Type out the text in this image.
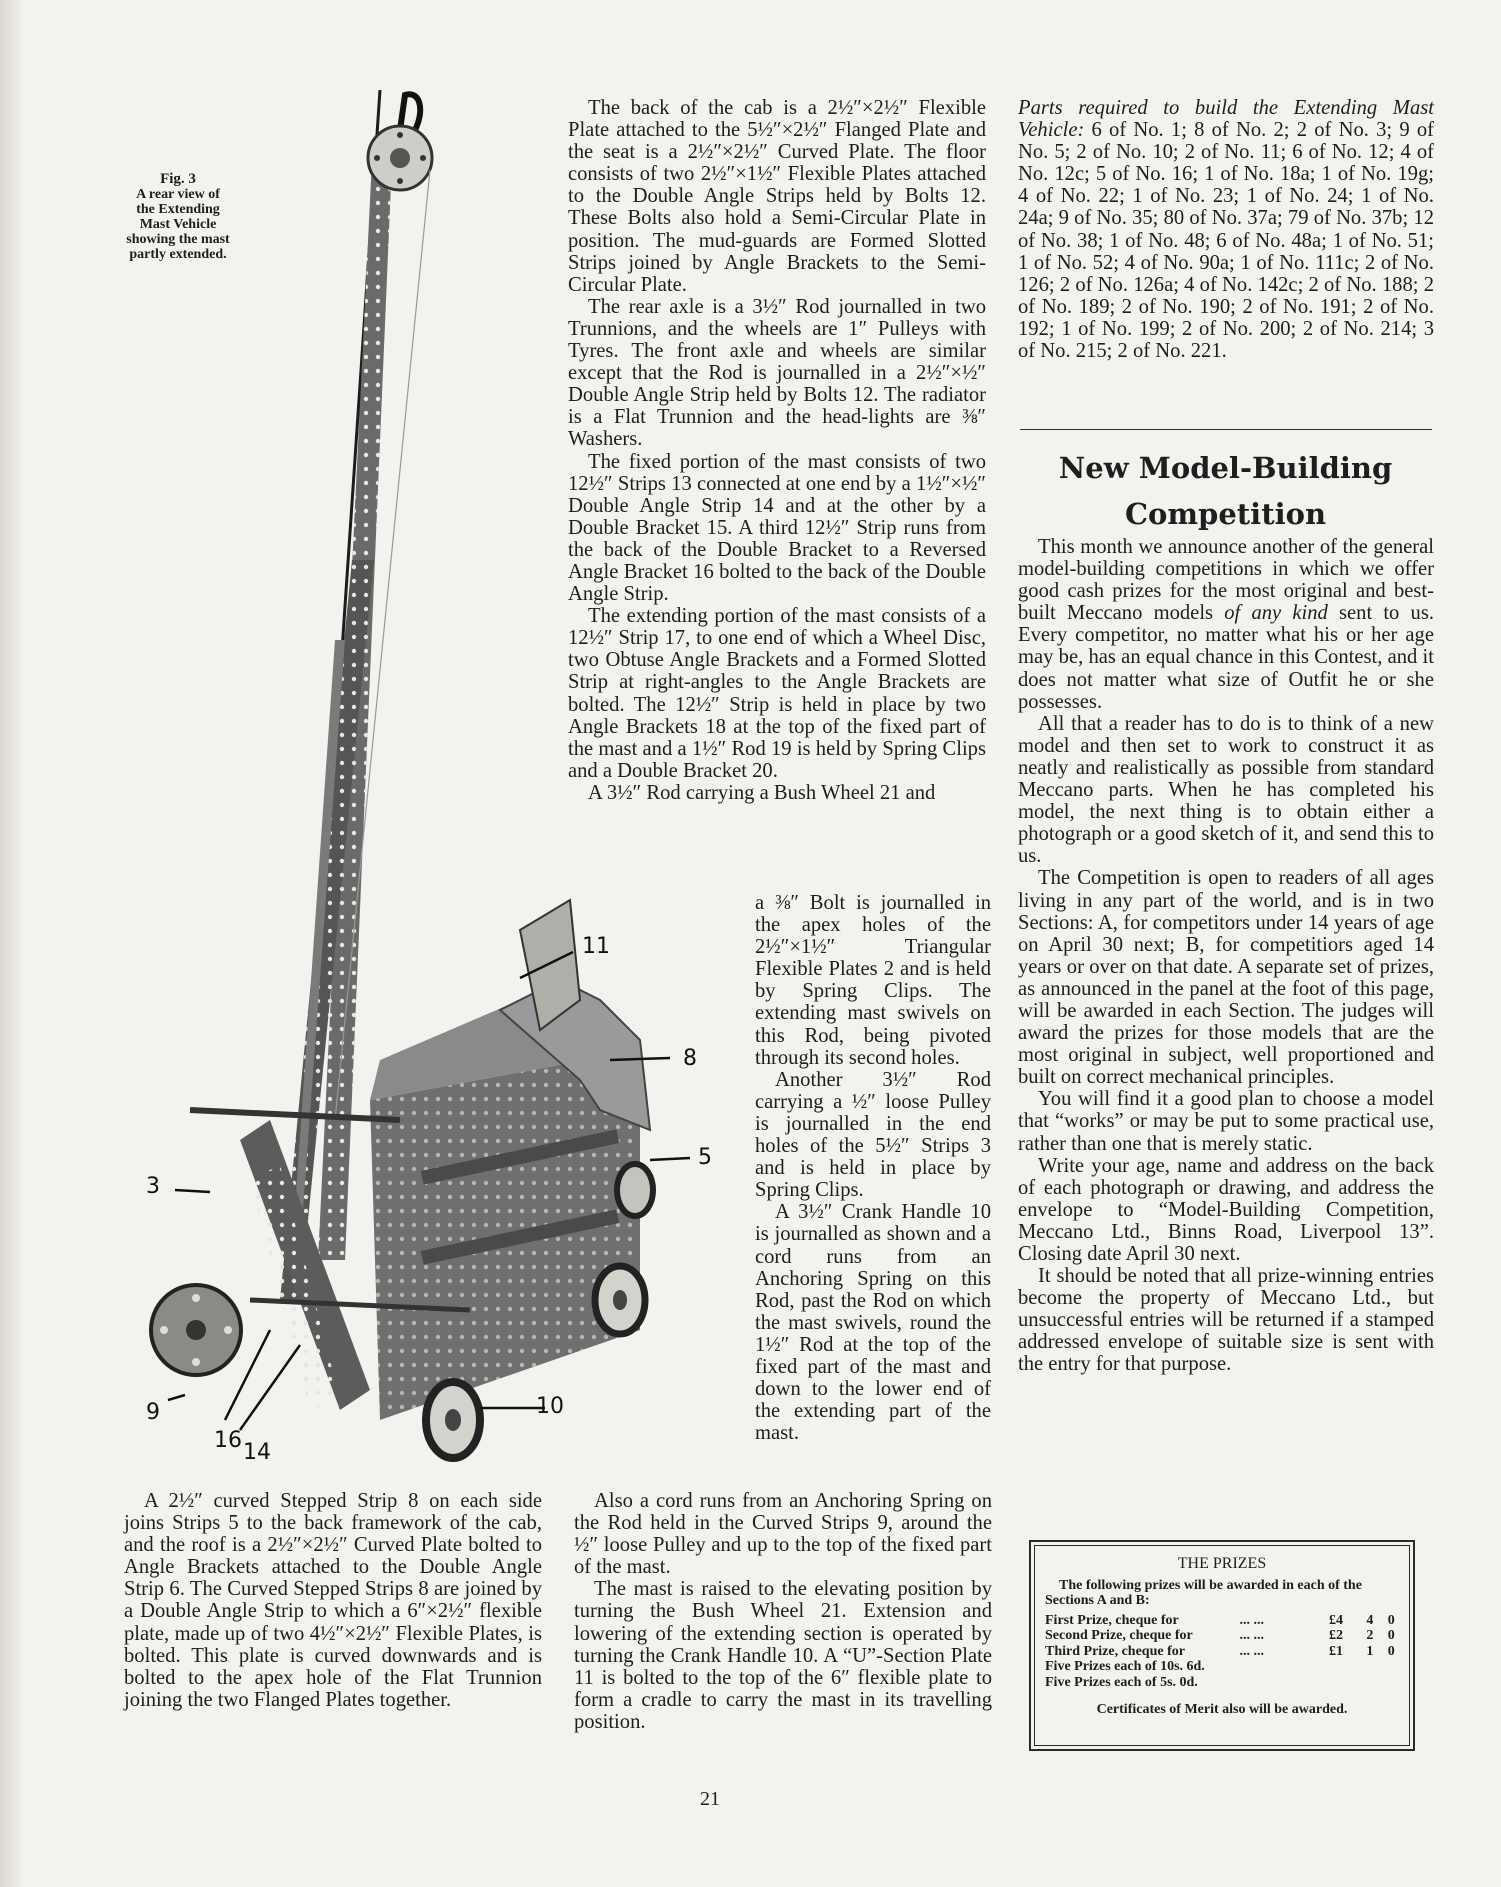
Fig. 3
A rear view of
the Extending
Mast Vehicle
showing the mast
partly extended.
11
8
5
3
9
16 14
10

A 2½″ curved Stepped Strip 8 on each side joins Strips 5 to the back framework of the cab, and the roof is a 2½″×2½″ Curved Plate bolted to Angle Brackets attached to the Double Angle Strip 6. The Curved Stepped Strips 8 are joined by a Double Angle Strip to which a 6″×2½″ flexible plate, made up of two 4½″×2½″ Flexible Plates, is bolted. This plate is curved downwards and is bolted to the apex hole of the Flat Trunnion joining the two Flanged Plates together.

The back of the cab is a 2½″×2½″ Flexible Plate attached to the 5½″×2½″ Flanged Plate and the seat is a 2½″×2½″ Curved Plate. The floor consists of two 2½″×1½″ Flexible Plates attached to the Double Angle Strips held by Bolts 12. These Bolts also hold a Semi-Circular Plate in position. The mud-guards are Formed Slotted Strips joined by Angle Brackets to the Semi-Circular Plate.

The rear axle is a 3½″ Rod journalled in two Trunnions, and the wheels are 1″ Pulleys with Tyres. The front axle and wheels are similar except that the Rod is journalled in a 2½″×½″ Double Angle Strip held by Bolts 12. The radiator is a Flat Trunnion and the head-lights are ⅜″ Washers.

The fixed portion of the mast consists of two 12½″ Strips 13 connected at one end by a 1½″×½″ Double Angle Strip 14 and at the other by a Double Bracket 15. A third 12½″ Strip runs from the back of the Double Bracket to a Reversed Angle Bracket 16 bolted to the back of the Double Angle Strip.

The extending portion of the mast consists of a 12½″ Strip 17, to one end of which a Wheel Disc, two Obtuse Angle Brackets and a Formed Slotted Strip at right-angles to the Angle Brackets are bolted. The 12½″ Strip is held in place by two Angle Brackets 18 at the top of the fixed part of the mast and a 1½″ Rod 19 is held by Spring Clips and a Double Bracket 20.

A 3½″ Rod carrying a Bush Wheel 21 and

a ⅜″ Bolt is journalled in the apex holes of the 2½″×1½″ Triangular Flexible Plates 2 and is held by Spring Clips. The extending mast swivels on this Rod, being pivoted through its second holes.

Another 3½″ Rod carrying a ½″ loose Pulley is journalled in the end holes of the 5½″ Strips 3 and is held in place by Spring Clips.

A 3½″ Crank Handle 10 is journalled as shown and a cord runs from an Anchoring Spring on this Rod, past the Rod on which the mast swivels, round the 1½″ Rod at the top of the fixed part of the mast and down to the lower end of the extending part of the mast.

Also a cord runs from an Anchoring Spring on the Rod held in the Curved Strips 9, around the ½″ loose Pulley and up to the top of the fixed part of the mast.

The mast is raised to the elevating position by turning the Bush Wheel 21. Extension and lowering of the extending section is operated by turning the Crank Handle 10. A “U”-Section Plate 11 is bolted to the top of the 6″ flexible plate to form a cradle to carry the mast in its travelling position.

Parts required to build the Extending Mast Vehicle: 6 of No. 1; 8 of No. 2; 2 of No. 3; 9 of No. 5; 2 of No. 10; 2 of No. 11; 6 of No. 12; 4 of No. 12c; 5 of No. 16; 1 of No. 18a; 1 of No. 19g; 4 of No. 22; 1 of No. 23; 1 of No. 24; 1 of No. 24a; 9 of No. 35; 80 of No. 37a; 79 of No. 37b; 12 of No. 38; 1 of No. 48; 6 of No. 48a; 1 of No. 51; 1 of No. 52; 4 of No. 90a; 1 of No. 111c; 2 of No. 126; 2 of No. 126a; 4 of No. 142c; 2 of No. 188; 2 of No. 189; 2 of No. 190; 2 of No. 191; 2 of No. 192; 1 of No. 199; 2 of No. 200; 2 of No. 214; 3 of No. 215; 2 of No. 221.

New Model-Building
Competition

This month we announce another of the general model-building competitions in which we offer good cash prizes for the most original and best-built Meccano models of any kind sent to us. Every competitor, no matter what his or her age may be, has an equal chance in this Contest, and it does not matter what size of Outfit he or she possesses.

All that a reader has to do is to think of a new model and then set to work to construct it as neatly and realistically as possible from standard Meccano parts. When he has completed his model, the next thing is to obtain either a photograph or a good sketch of it, and send this to us.

The Competition is open to readers of all ages living in any part of the world, and is in two Sections: A, for competitors under 14 years of age on April 30 next; B, for competitiors aged 14 years or over on that date. A separate set of prizes, as announced in the panel at the foot of this page, will be awarded in each Section. The judges will award the prizes for those models that are the most original in subject, well proportioned and built on correct mechanical principles.

You will find it a good plan to choose a model that “works” or may be put to some practical use, rather than one that is merely static.

Write your age, name and address on the back of each photograph or drawing, and address the envelope to “Model-Building Competition, Meccano Ltd., Binns Road, Liverpool 13”. Closing date April 30 next.

It should be noted that all prize-winning entries become the property of Meccano Ltd., but unsuccessful entries will be returned if a stamped addressed envelope of suitable size is sent with the entry for that purpose.

THE PRIZES
The following prizes will be awarded in each of the Sections A and B:
First Prize, cheque for	... ...	£4	4	0
Second Prize, cheque for	... ...	£2	2	0
Third Prize, cheque for	... ...	£1	1	0
Five Prizes each of 10s. 6d.
Five Prizes each of 5s. 0d.
Certificates of Merit also will be awarded.
21
